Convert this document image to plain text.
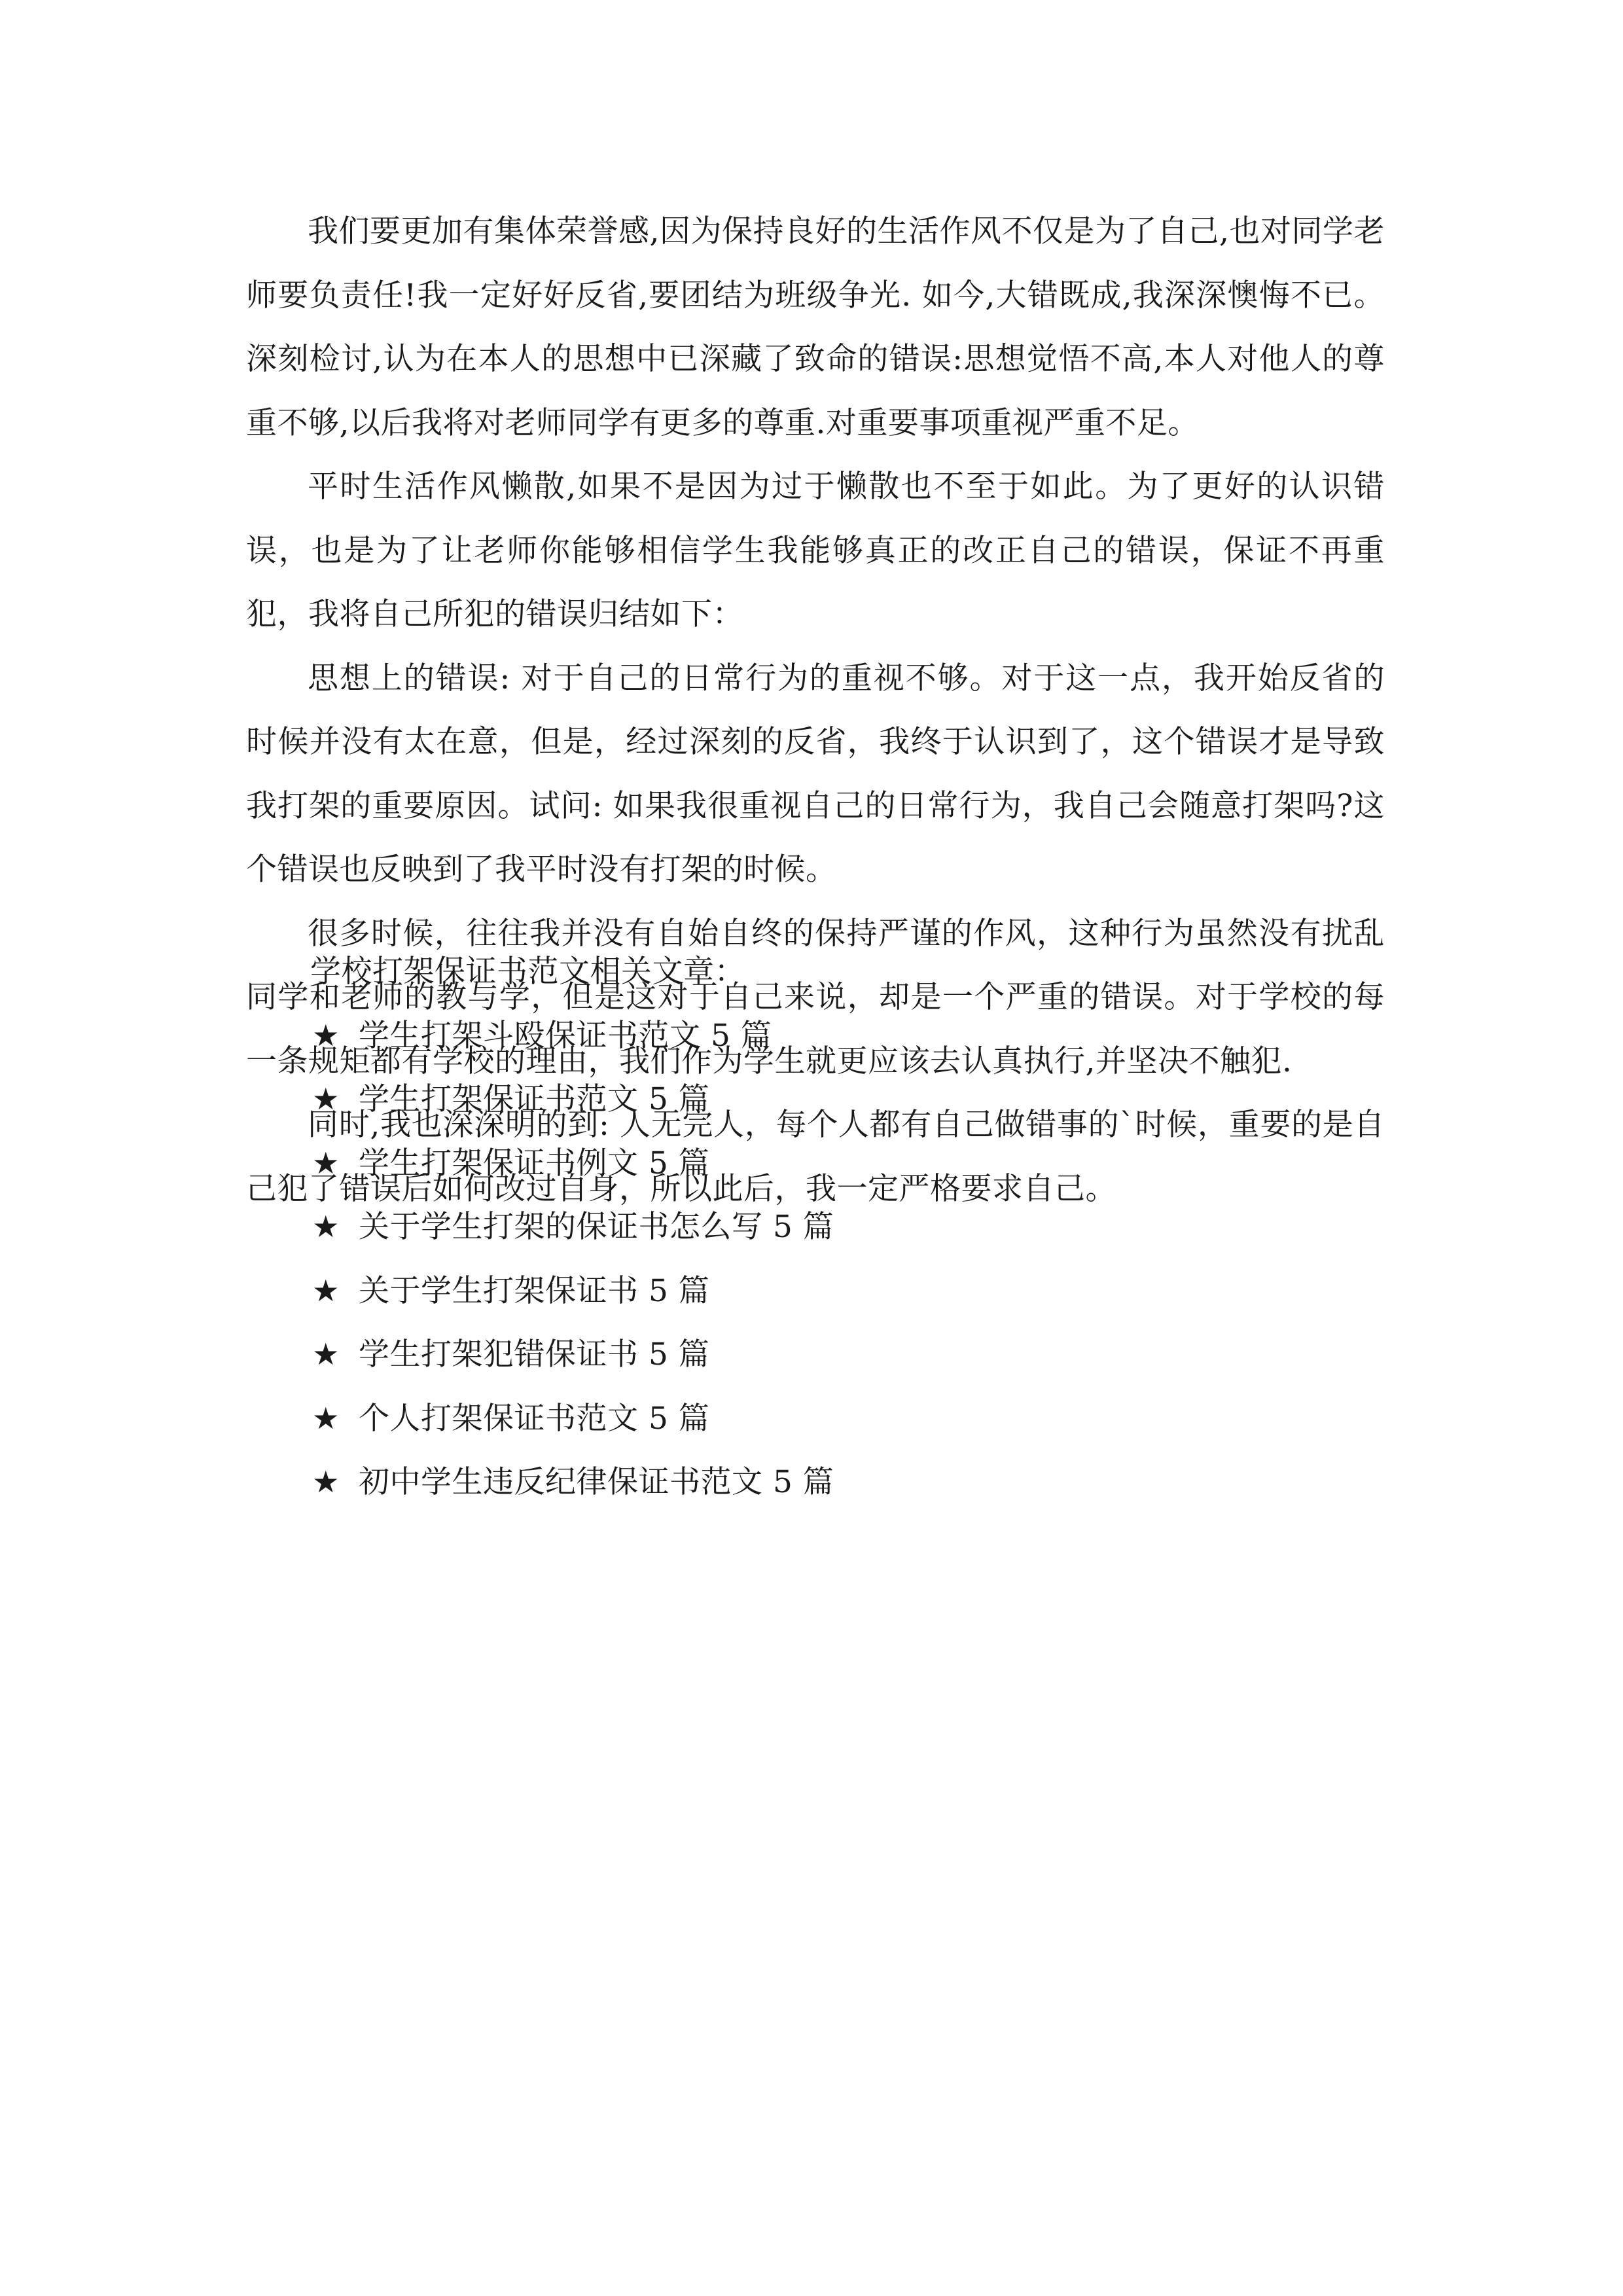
我们要更加有集体荣誉感,因为保持良好的生活作风不仅是为了自己,也对同学老师要负责任!我一定好好反省,要团结为班级争光. 如今,大错既成,我深深懊悔不已。深刻检讨,认为在本人的思想中已深藏了致命的错误:思想觉悟不高,本人对他人的尊重不够,以后我将对老师同学有更多的尊重.对重要事项重视严重不足。

平时生活作风懒散,如果不是因为过于懒散也不至于如此。为了更好的认识错误，也是为了让老师你能够相信学生我能够真正的改正自己的错误，保证不再重犯，我将自己所犯的错误归结如下：

思想上的错误: 对于自己的日常行为的重视不够。对于这一点，我开始反省的时候并没有太在意，但是，经过深刻的反省，我终于认识到了，这个错误才是导致我打架的重要原因。试问: 如果我很重视自己的日常行为，我自己会随意打架吗?这个错误也反映到了我平时没有打架的时候。

很多时候，往往我并没有自始自终的保持严谨的作风，这种行为虽然没有扰乱同学和老师的教与学，但是这对于自己来说，却是一个严重的错误。对于学校的每一条规矩都有学校的理由，我们作为学生就更应该去认真执行,并坚决不触犯.

同时,我也深深明的到: 人无完人，每个人都有自己做错事的`时候，重要的是自己犯了错误后如何改过自身，所以此后，我一定严格要求自己。

学校打架保证书范文相关文章：

★ 学生打架斗殴保证书范文 5 篇
★ 学生打架保证书范文 5 篇
★ 学生打架保证书例文 5 篇
★ 关于学生打架的保证书怎么写 5 篇
★ 关于学生打架保证书 5 篇
★ 学生打架犯错保证书 5 篇
★ 个人打架保证书范文 5 篇
★ 初中学生违反纪律保证书范文 5 篇
